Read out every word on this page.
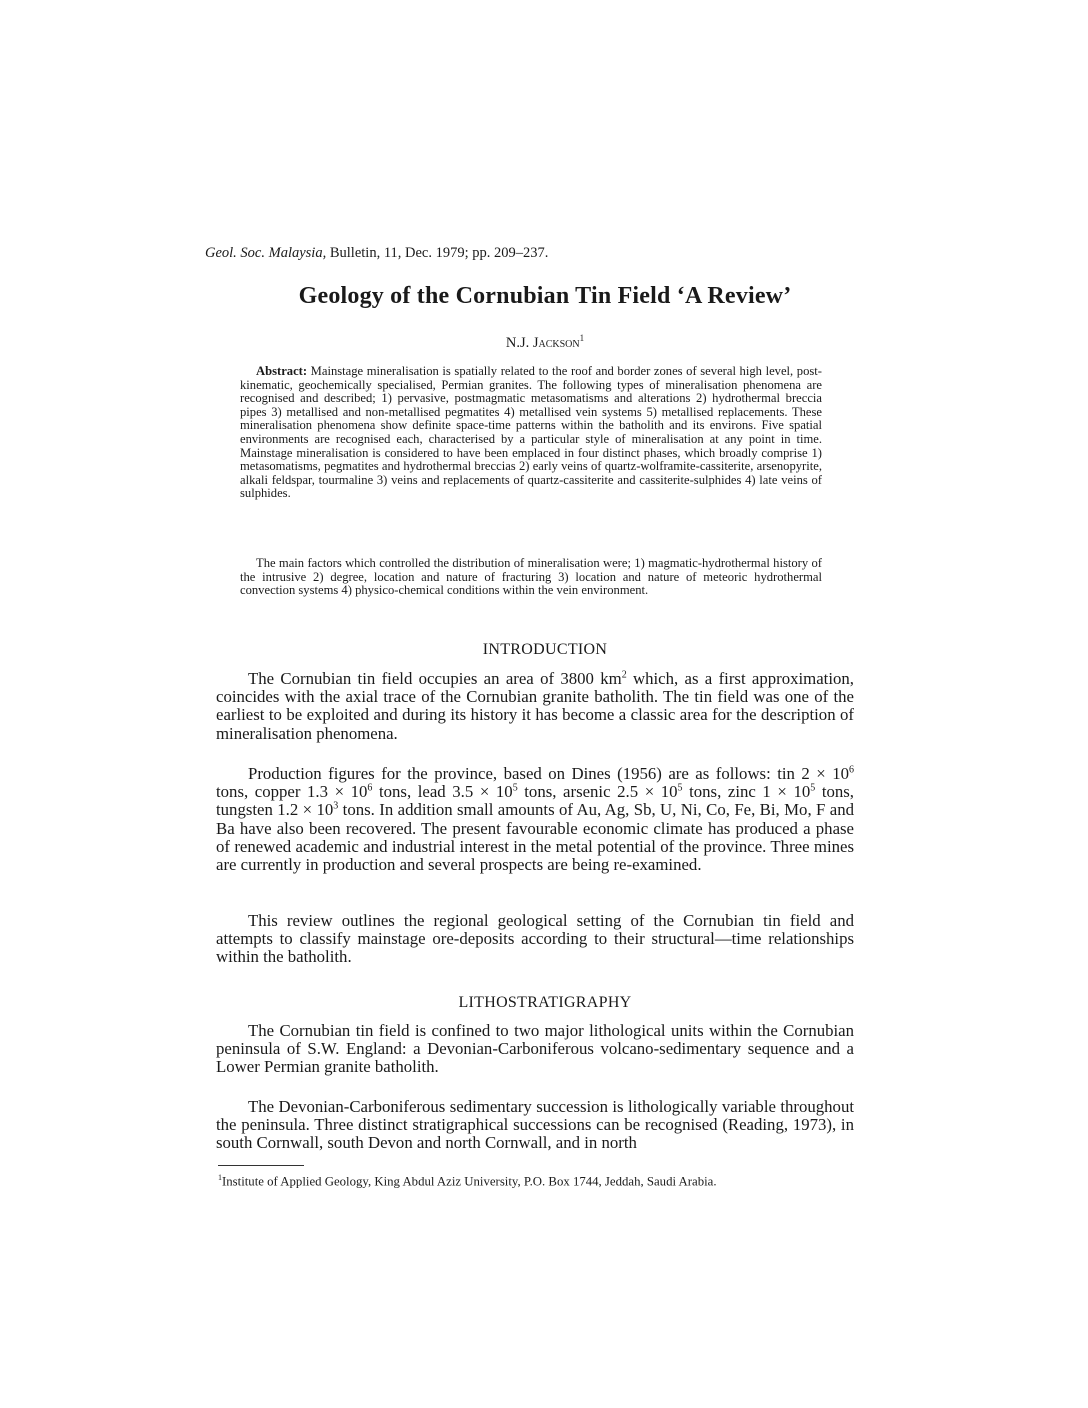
Geol. Soc. Malaysia, Bulletin, 11, Dec. 1979; pp. 209–237.
Geology of the Cornubian Tin Field ‘A Review’
N.J. Jackson$^1$

Abstract: Mainstage mineralisation is spatially related to the roof and border zones of several high level, post-kinematic, geochemically specialised, Permian granites. The following types of mineralisation phenomena are recognised and described; 1) pervasive, postmagmatic metasomatisms and alterations 2) hydrothermal breccia pipes 3) metallised and non-metallised pegmatites 4) metallised vein systems 5) metallised replacements. These mineralisation phenomena show definite space-time patterns within the batholith and its environs. Five spatial environments are recognised each, characterised by a particular style of mineralisation at any point in time. Mainstage mineralisation is considered to have been emplaced in four distinct phases, which broadly comprise 1) metasomatisms, pegmatites and hydrothermal breccias 2) early veins of quartz-wolframite-cassiterite, arsenopyrite, alkali feldspar, tourmaline 3) veins and replacements of quartz-cassiterite and cassiterite-sulphides 4) late veins of sulphides.

The main factors which controlled the distribution of mineralisation were; 1) magmatic-hydrothermal history of the intrusive 2) degree, location and nature of fracturing 3) location and nature of meteoric hydrothermal convection systems 4) physico-chemical conditions within the vein environment.

INTRODUCTION

The Cornubian tin field occupies an area of 3800 $km^2$ which, as a first approximation, coincides with the axial trace of the Cornubian granite batholith. The tin field was one of the earliest to be exploited and during its history it has become a classic area for the description of mineralisation phenomena.

Production figures for the province, based on Dines (1956) are as follows: tin $2 \times 10^6$ tons, copper $1.3 \times 10^6$ tons, lead $3.5 \times 10^5$ tons, arsenic $2.5 \times 10^5$ tons, zinc $1 \times 10^5$ tons, tungsten $1.2 \times 10^3$ tons. In addition small amounts of Au, Ag, Sb, U, Ni, Co, Fe, Bi, Mo, F and Ba have also been recovered. The present favourable economic climate has produced a phase of renewed academic and industrial interest in the metal potential of the province. Three mines are currently in production and several prospects are being re-examined.

This review outlines the regional geological setting of the Cornubian tin field and attempts to classify mainstage ore-deposits according to their structural—time relationships within the batholith.

LITHOSTRATIGRAPHY

The Cornubian tin field is confined to two major lithological units within the Cornubian peninsula of S.W. England: a Devonian-Carboniferous volcano-sedimentary sequence and a Lower Permian granite batholith.

The Devonian-Carboniferous sedimentary succession is lithologically variable throughout the peninsula. Three distinct stratigraphical successions can be recognised (Reading, 1973), in south Cornwall, south Devon and north Cornwall, and in north

$^1$Institute of Applied Geology, King Abdul Aziz University, P.O. Box 1744, Jeddah, Saudi Arabia.
